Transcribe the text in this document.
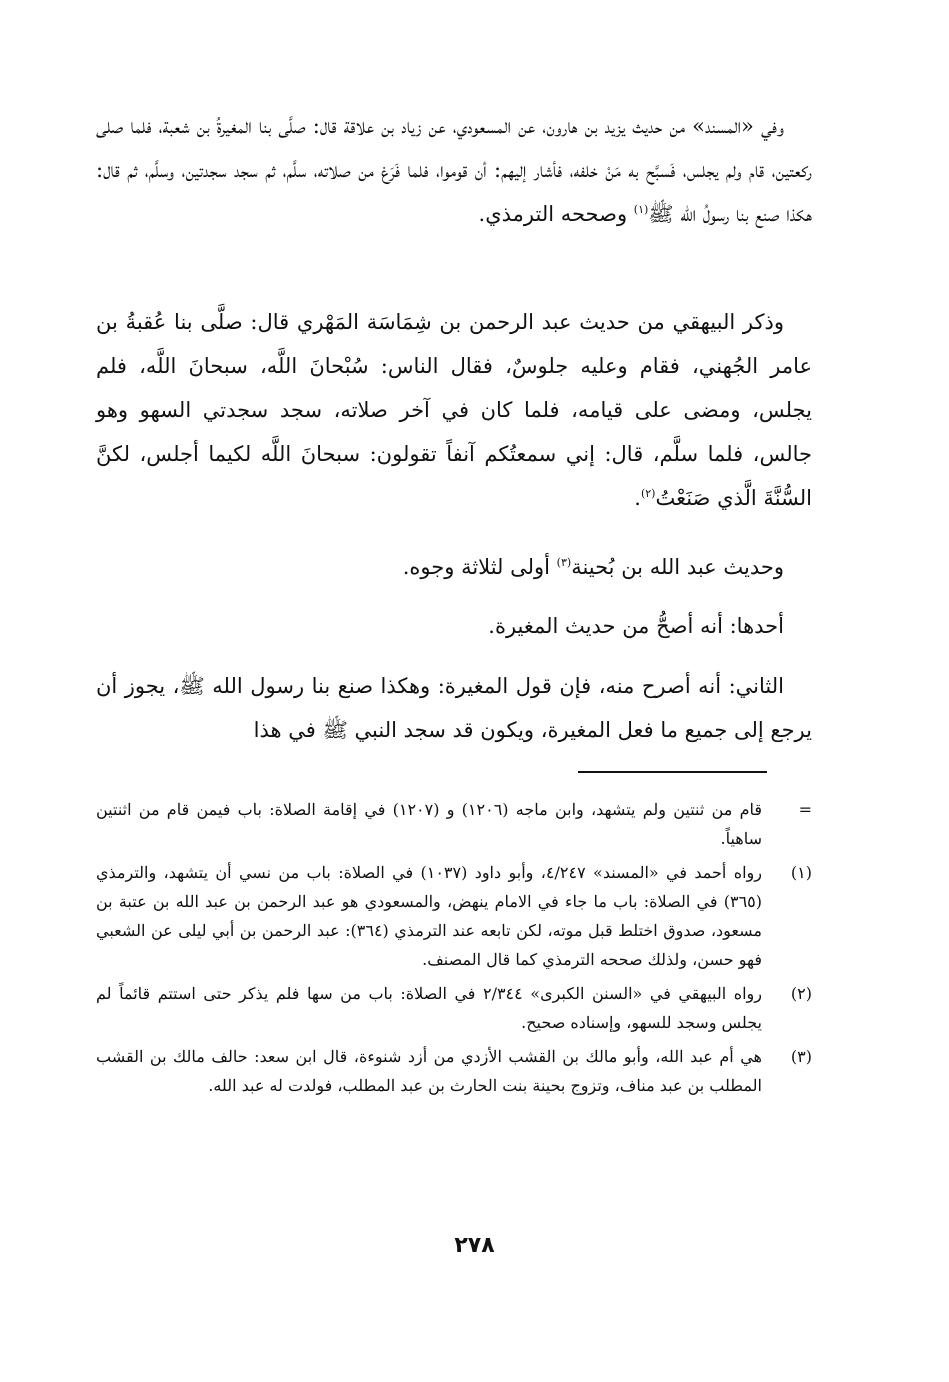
وفي «المسند» من حديث يزيد بن هارون، عن المسعودي، عن زياد بن علاقة قال: صلَّى بنا المغيرةُ بن شعبة، فلما صلى ركعتين، قام ولم يجلس، فَسبَّح به مَنْ خلفه، فأشار إليهم: أن قوموا، فلما فَرَغ من صلاته، سلَّم، ثم سجد سجدتين، وسلَّم، ثم قال: هكذا صنع بنا رسولُ الله ﷺ$^{(١)}$ وصححه الترمذي.

وذكر البيهقي من حديث عبد الرحمن بن شِمَاسَة المَهْري قال: صلَّى بنا عُقبةُ بن عامر الجُهني، فقام وعليه جلوسٌ، فقال الناس: سُبْحانَ اللَّه، سبحانَ اللَّه، فلم يجلس، ومضى على قيامه، فلما كان في آخر صلاته، سجد سجدتي السهو وهو جالس، فلما سلَّم، قال: إني سمعتُكم آنفاً تقولون: سبحانَ اللَّه لكيما أجلس، لكنَّ السُّنَّةَ الَّذي صَنَعْتُ$^{(٢)}$.

وحديث عبد الله بن بُحينة$^{(٣)}$ أولى لثلاثة وجوه.

أحدها: أنه أصحُّ من حديث المغيرة.

الثاني: أنه أصرح منه، فإن قول المغيرة: وهكذا صنع بنا رسول الله ﷺ، يجوز أن يرجع إلى جميع ما فعل المغيرة، ويكون قد سجد النبي ﷺ في هذا

=
قام من ثنتين ولم يتشهد، وابن ماجه (١٢٠٦) و (١٢٠٧) في إقامة الصلاة: باب فيمن قام من اثنتين ساهياً.
(١)
رواه أحمد في «المسند» ٤/٢٤٧، وأبو داود (١٠٣٧) في الصلاة: باب من نسي أن يتشهد، والترمذي (٣٦٥) في الصلاة: باب ما جاء في الامام ينهض، والمسعودي هو عبد الرحمن بن عبد الله بن عتبة بن مسعود، صدوق اختلط قبل موته، لكن تابعه عند الترمذي (٣٦٤): عبد الرحمن بن أبي ليلى عن الشعبي فهو حسن، ولذلك صححه الترمذي كما قال المصنف.
(٢)
رواه البيهقي في «السنن الكبرى» ٢/٣٤٤ في الصلاة: باب من سها فلم يذكر حتى استتم قائماً لم يجلس وسجد للسهو، وإسناده صحيح.
(٣)
هي أم عبد الله، وأبو مالك بن القشب الأزدي من أزد شنوءة، قال ابن سعد: حالف مالك بن القشب المطلب بن عبد مناف، وتزوج بحينة بنت الحارث بن عبد المطلب، فولدت له عبد الله.
٢٧٨
